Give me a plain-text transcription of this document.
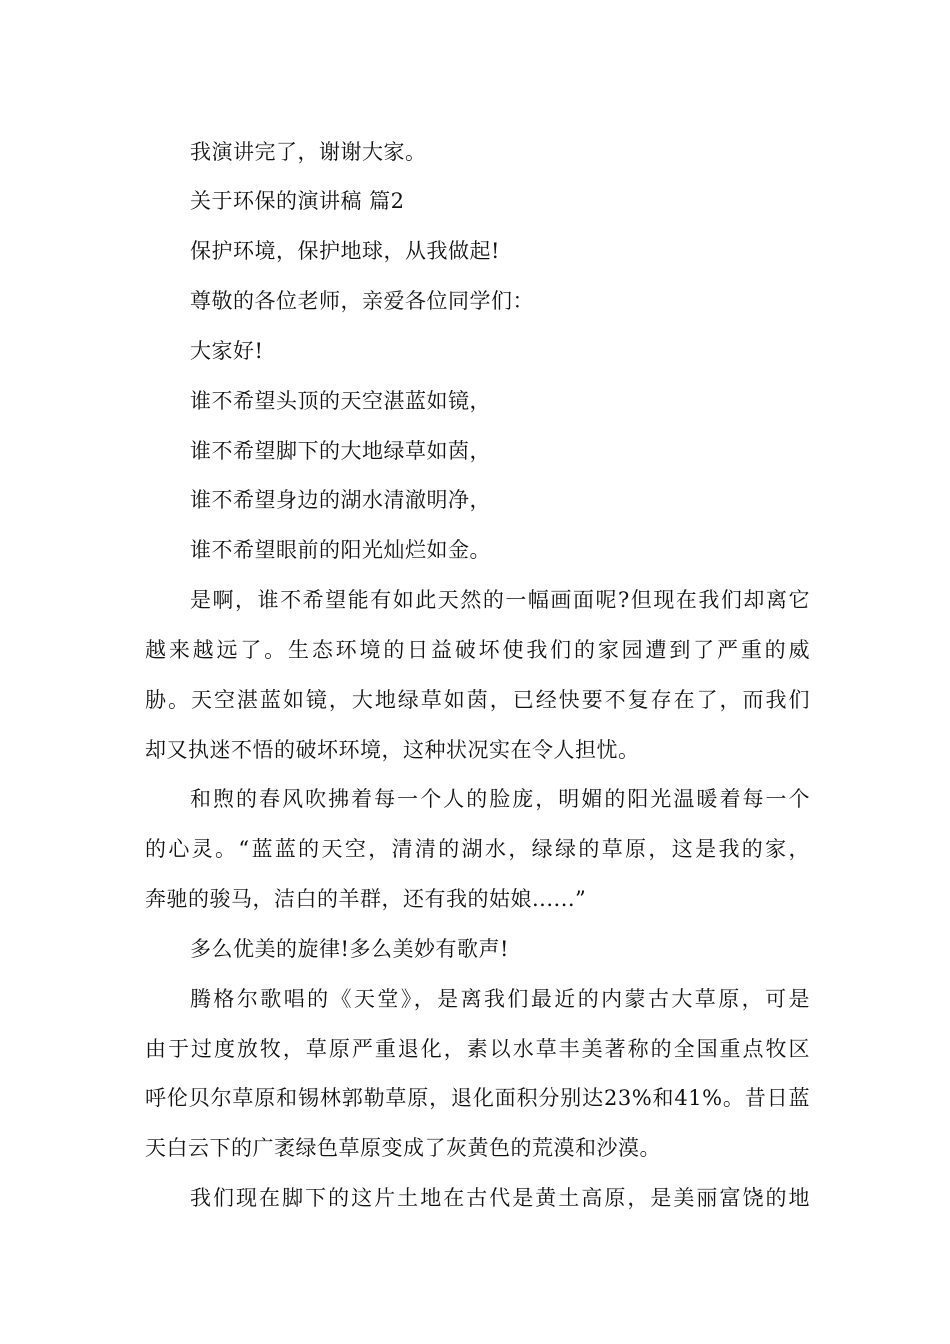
我演讲完了，谢谢大家。

关于环保的演讲稿 篇2

保护环境，保护地球，从我做起!

尊敬的各位老师，亲爱各位同学们：

大家好!

谁不希望头顶的天空湛蓝如镜，

谁不希望脚下的大地绿草如茵，

谁不希望身边的湖水清澈明净，

谁不希望眼前的阳光灿烂如金。

是啊，谁不希望能有如此天然的一幅画面呢?但现在我们却离它

越来越远了。生态环境的日益破坏使我们的家园遭到了严重的威

胁。天空湛蓝如镜，大地绿草如茵，已经快要不复存在了，而我们

却又执迷不悟的破坏环境，这种状况实在令人担忧。

和煦的春风吹拂着每一个人的脸庞，明媚的阳光温暖着每一个

的心灵。“蓝蓝的天空，清清的湖水，绿绿的草原，这是我的家，

奔驰的骏马，洁白的羊群，还有我的姑娘......”

多么优美的旋律!多么美妙有歌声!

腾格尔歌唱的《天堂》，是离我们最近的内蒙古大草原，可是

由于过度放牧，草原严重退化，素以水草丰美著称的全国重点牧区

呼伦贝尔草原和锡林郭勒草原，退化面积分别达23%和41%。昔日蓝

天白云下的广袤绿色草原变成了灰黄色的荒漠和沙漠。

我们现在脚下的这片土地在古代是黄土高原，是美丽富饶的地
